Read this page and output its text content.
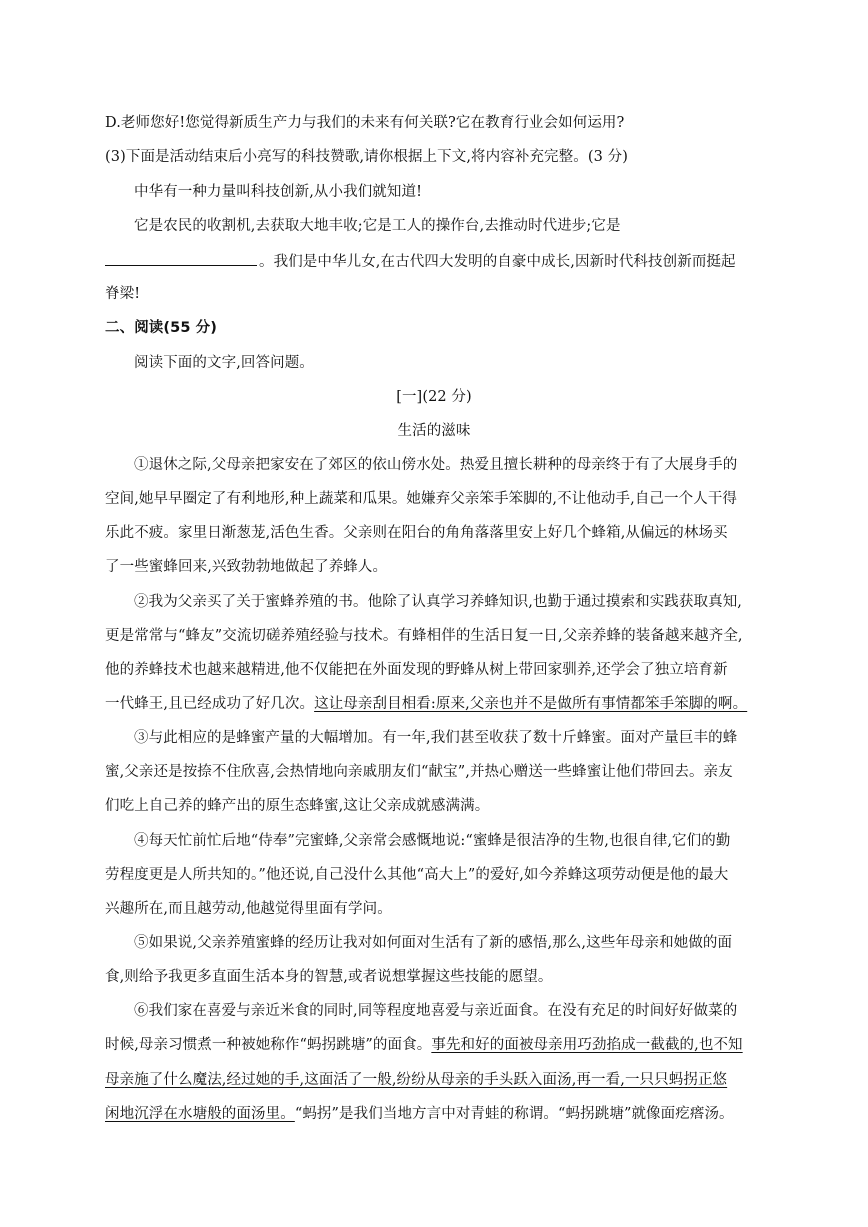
D.老师您好!您觉得新质生产力与我们的未来有何关联?它在教育行业会如何运用?
(3)下面是活动结束后小亮写的科技赞歌,请你根据上下文,将内容补充完整。(3 分)
中华有一种力量叫科技创新,从小我们就知道!
它是农民的收割机,去获取大地丰收;它是工人的操作台,去推动时代进步;它是
。我们是中华儿女,在古代四大发明的自豪中成长,因新时代科技创新而挺起
脊梁!
二、阅读(55 分)
阅读下面的文字,回答问题。
[一](22 分)
生活的滋味
①退休之际,父母亲把家安在了郊区的依山傍水处。热爱且擅长耕种的母亲终于有了大展身手的
空间,她早早圈定了有利地形,种上蔬菜和瓜果。她嫌弃父亲笨手笨脚的,不让他动手,自己一个人干得
乐此不疲。家里日渐葱茏,活色生香。父亲则在阳台的角角落落里安上好几个蜂箱,从偏远的林场买
了一些蜜蜂回来,兴致勃勃地做起了养蜂人。
②我为父亲买了关于蜜蜂养殖的书。他除了认真学习养蜂知识,也勤于通过摸索和实践获取真知,
更是常常与“蜂友”交流切磋养殖经验与技术。有蜂相伴的生活日复一日,父亲养蜂的装备越来越齐全,
他的养蜂技术也越来越精进,他不仅能把在外面发现的野蜂从树上带回家驯养,还学会了独立培育新
一代蜂王,且已经成功了好几次。这让母亲刮目相看:原来,父亲也并不是做所有事情都笨手笨脚的啊。
③与此相应的是蜂蜜产量的大幅增加。有一年,我们甚至收获了数十斤蜂蜜。面对产量巨丰的蜂
蜜,父亲还是按捺不住欣喜,会热情地向亲戚朋友们“献宝”,并热心赠送一些蜂蜜让他们带回去。亲友
们吃上自己养的蜂产出的原生态蜂蜜,这让父亲成就感满满。
④每天忙前忙后地“侍奉”完蜜蜂,父亲常会感慨地说:“蜜蜂是很洁净的生物,也很自律,它们的勤
劳程度更是人所共知的。”他还说,自己没什么其他“高大上”的爱好,如今养蜂这项劳动便是他的最大
兴趣所在,而且越劳动,他越觉得里面有学问。
⑤如果说,父亲养殖蜜蜂的经历让我对如何面对生活有了新的感悟,那么,这些年母亲和她做的面
食,则给予我更多直面生活本身的智慧,或者说想掌握这些技能的愿望。
⑥我们家在喜爱与亲近米食的同时,同等程度地喜爱与亲近面食。在没有充足的时间好好做菜的
时候,母亲习惯煮一种被她称作“蚂拐跳塘”的面食。事先和好的面被母亲用巧劲掐成一截截的,也不知
母亲施了什么魔法,经过她的手,这面活了一般,纷纷从母亲的手头跃入面汤,再一看,一只只蚂拐正悠
闲地沉浮在水塘般的面汤里。“蚂拐”是我们当地方言中对青蛙的称谓。“蚂拐跳塘”就像面疙瘩汤。
